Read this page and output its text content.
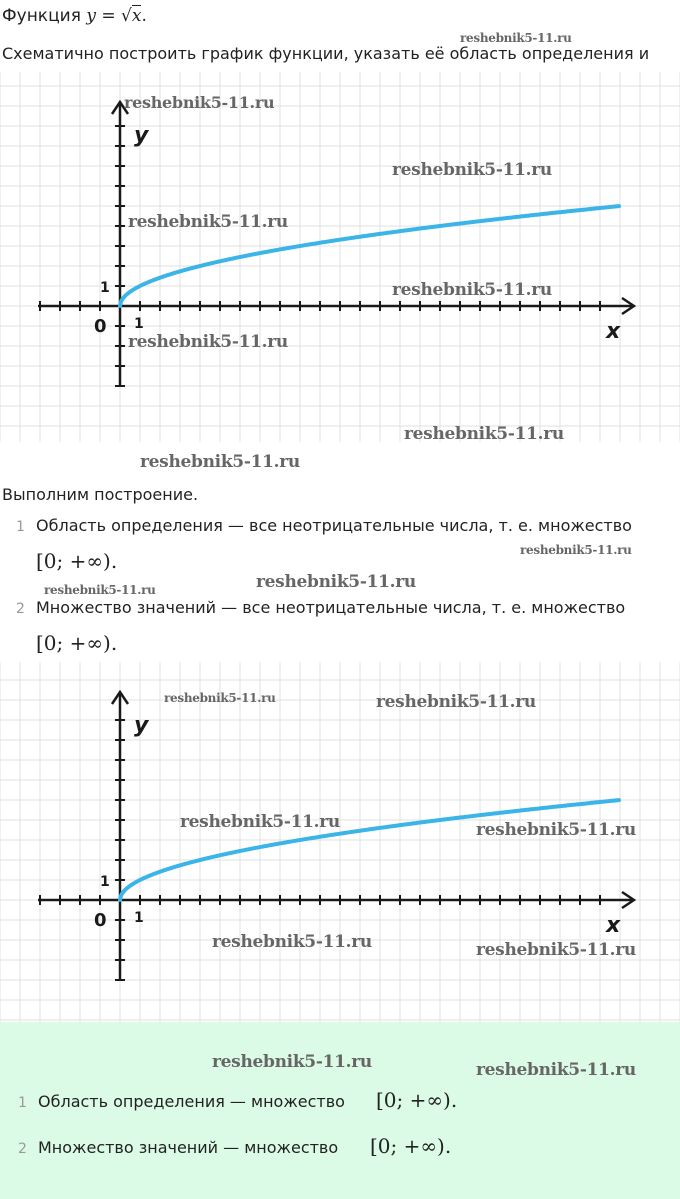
Функция y = √x.
Схематично построить график функции, указать её область определения и
y
x
0 1
1
Выполним построение.
1 Область определения — все неотрицательные числа, т. е. множество
[0; +∞).
2 Множество значений — все неотрицательные числа, т. е. множество
[0; +∞).
y
x
0 1
1
1 Область определения — множество [0; +∞).
2 Множество значений — множество [0; +∞).
reshebnik5-11.ru
reshebnik5-11.ru
reshebnik5-11.ru
reshebnik5-11.ru
reshebnik5-11.ru
reshebnik5-11.ru
reshebnik5-11.ru
reshebnik5-11.ru
reshebnik5-11.ru
reshebnik5-11.ru	reshebnik5-11.ru
reshebnik5-11.ru	reshebnik5-11.ru
reshebnik5-11.ru	reshebnik5-11.ru
reshebnik5-11.ru	reshebnik5-11.ru
reshebnik5-11.ru	reshebnik5-11.ru
